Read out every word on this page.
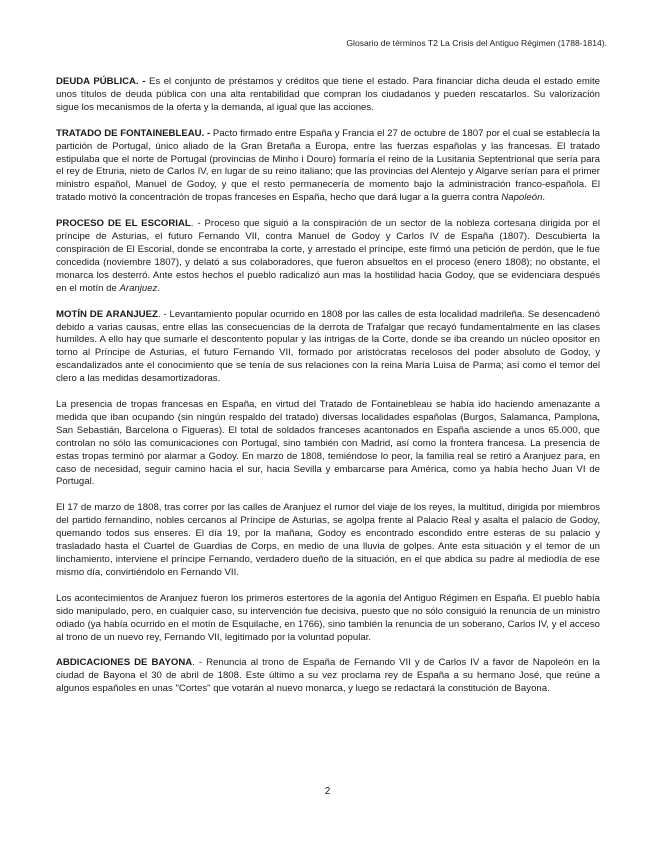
Glosario de términos T2 La Crisis del Antiguo Régimen (1788-1814).

DEUDA PÚBLICA. - Es el conjunto de préstamos y créditos que tiene el estado. Para financiar dicha deuda el estado emite unos títulos de deuda pública con una alta rentabilidad que compran los ciudadanos y pueden rescatarlos. Su valorización sigue los mecanismos de la oferta y la demanda, al igual que las acciones.

TRATADO DE FONTAINEBLEAU. - Pacto firmado entre España y Francia el 27 de octubre de 1807 por el cual se establecía la partición de Portugal, único aliado de la Gran Bretaña a Europa, entre las fuerzas españolas y las francesas. El tratado estipulaba que el norte de Portugal (provincias de Minho i Douro) formaría el reino de la Lusitania Septentrional que sería para el rey de Etruria, nieto de Carlos IV, en lugar de su reino italiano; que las provincias del Alentejo y Algarve serían para el primer ministro español, Manuel de Godoy, y que el resto permanecería de momento bajo la administración franco-española. El tratado motivó la concentración de tropas franceses en España, hecho que dará lugar a la guerra contra Napoleón.

PROCESO DE EL ESCORIAL. - Proceso que siguió a la conspiración de un sector de la nobleza cortesana dirigida por el príncipe de Asturias, el futuro Fernando VII, contra Manuel de Godoy y Carlos IV de España (1807). Descubierta la conspiración de El Escorial, donde se encontraba la corte, y arrestado el príncipe, este firmó una petición de perdón, que le fue concedida (noviembre 1807), y delató a sus colaboradores, que fueron absueltos en el proceso (enero 1808); no obstante, el monarca los desterró. Ante estos hechos el pueblo radicalizó aun mas la hostilidad hacia Godoy, que se evidenciara después en el motín de Aranjuez.

MOTÍN DE ARANJUEZ. - Levantamiento popular ocurrido en 1808 por las calles de esta localidad madrileña. Se desencadenó debido a varias causas, entre ellas las consecuencias de la derrota de Trafalgar que recayó fundamentalmente en las clases humildes. A ello hay que sumarle el descontento popular y las intrigas de la Corte, donde se iba creando un núcleo opositor en torno al Príncipe de Asturias, el futuro Fernando VII, formado por aristócratas recelosos del poder absoluto de Godoy, y escandalizados ante el conocimiento que se tenía de sus relaciones con la reina María Luisa de Parma; así como el temor del clero a las medidas desamortizadoras.

La presencia de tropas francesas en España, en virtud del Tratado de Fontainebleau se había ido haciendo amenazante a medida que iban ocupando (sin ningún respaldo del tratado) diversas localidades españolas (Burgos, Salamanca, Pamplona, San Sebastián, Barcelona o Figueras). El total de soldados franceses acantonados en España asciende a unos 65.000, que controlan no sólo las comunicaciones con Portugal, sino también con Madrid, así como la frontera francesa. La presencia de estas tropas terminó por alarmar a Godoy. En marzo de 1808, temiéndose lo peor, la familia real se retiró a Aranjuez para, en caso de necesidad, seguir camino hacia el sur, hacia Sevilla y embarcarse para América, como ya había hecho Juan VI de Portugal.

El 17 de marzo de 1808, tras correr por las calles de Aranjuez el rumor del viaje de los reyes, la multitud, dirigida por miembros del partido fernandino, nobles cercanos al Príncipe de Asturias, se agolpa frente al Palacio Real y asalta el palacio de Godoy, quemando todos sus enseres. El día 19, por la mañana, Godoy es encontrado escondido entre esteras de su palacio y trasladado hasta el Cuartel de Guardias de Corps, en medio de una lluvia de golpes. Ante esta situación y el temor de un linchamiento, interviene el príncipe Fernando, verdadero dueño de la situación, en el que abdica su padre al mediodía de ese mismo día, convirtiéndolo en Fernando VII.

Los acontecimientos de Aranjuez fueron los primeros estertores de la agonía del Antiguo Régimen en España. El pueblo había sido manipulado, pero, en cualquier caso, su intervención fue decisiva, puesto que no sólo consiguió la renuncia de un ministro odiado (ya había ocurrido en el motín de Esquilache, en 1766), sino también la renuncia de un soberano, Carlos IV, y el acceso al trono de un nuevo rey, Fernando VII, legitimado por la voluntad popular.

ABDICACIONES DE BAYONA. - Renuncia al trono de España de Fernando VII y de Carlos IV a favor de Napoleón en la ciudad de Bayona el 30 de abril de 1808. Este último a su vez proclama rey de España a su hermano José, que reúne a algunos españoles en unas "Cortes" que votarán al nuevo monarca, y luego se redactará la constitución de Bayona.

2
